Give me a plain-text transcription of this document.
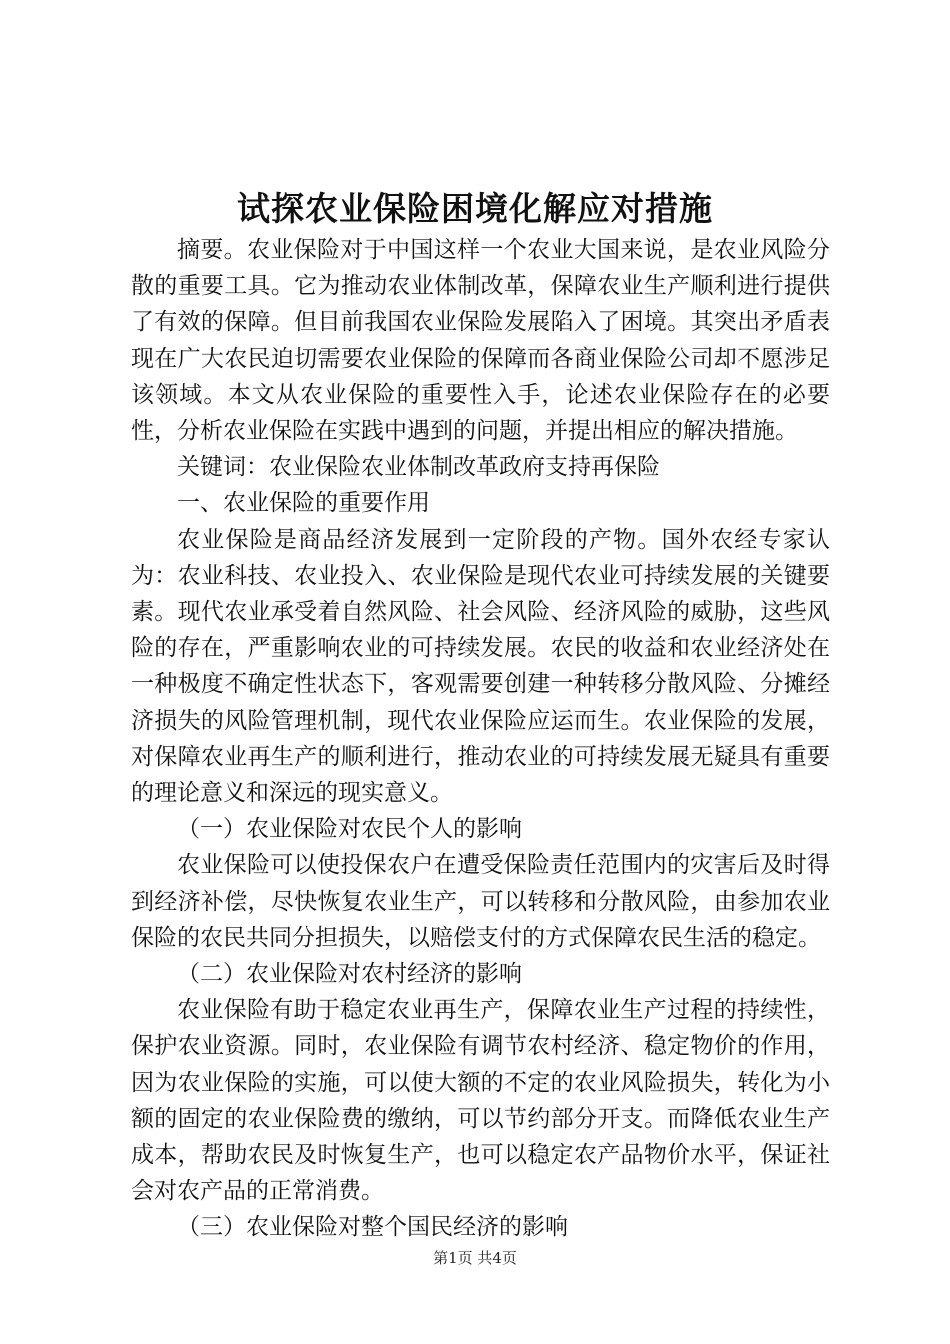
试探农业保险困境化解应对措施

摘要。农业保险对于中国这样一个农业大国来说，是农业风险分散的重要工具。它为推动农业体制改革，保障农业生产顺利进行提供了有效的保障。但目前我国农业保险发展陷入了困境。其突出矛盾表现在广大农民迫切需要农业保险的保障而各商业保险公司却不愿涉足该领域。本文从农业保险的重要性入手，论述农业保险存在的必要性，分析农业保险在实践中遇到的问题，并提出相应的解决措施。

关键词：农业保险农业体制改革政府支持再保险

一、农业保险的重要作用

农业保险是商品经济发展到一定阶段的产物。国外农经专家认为：农业科技、农业投入、农业保险是现代农业可持续发展的关键要素。现代农业承受着自然风险、社会风险、经济风险的威胁，这些风险的存在，严重影响农业的可持续发展。农民的收益和农业经济处在一种极度不确定性状态下，客观需要创建一种转移分散风险、分摊经济损失的风险管理机制，现代农业保险应运而生。农业保险的发展，对保障农业再生产的顺利进行，推动农业的可持续发展无疑具有重要的理论意义和深远的现实意义。

（一）农业保险对农民个人的影响

农业保险可以使投保农户在遭受保险责任范围内的灾害后及时得到经济补偿，尽快恢复农业生产，可以转移和分散风险，由参加农业保险的农民共同分担损失，以赔偿支付的方式保障农民生活的稳定。

（二）农业保险对农村经济的影响

农业保险有助于稳定农业再生产，保障农业生产过程的持续性，保护农业资源。同时，农业保险有调节农村经济、稳定物价的作用，因为农业保险的实施，可以使大额的不定的农业风险损失，转化为小额的固定的农业保险费的缴纳，可以节约部分开支。而降低农业生产成本，帮助农民及时恢复生产，也可以稳定农产品物价水平，保证社会对农产品的正常消费。

（三）农业保险对整个国民经济的影响

第1页 共4页
